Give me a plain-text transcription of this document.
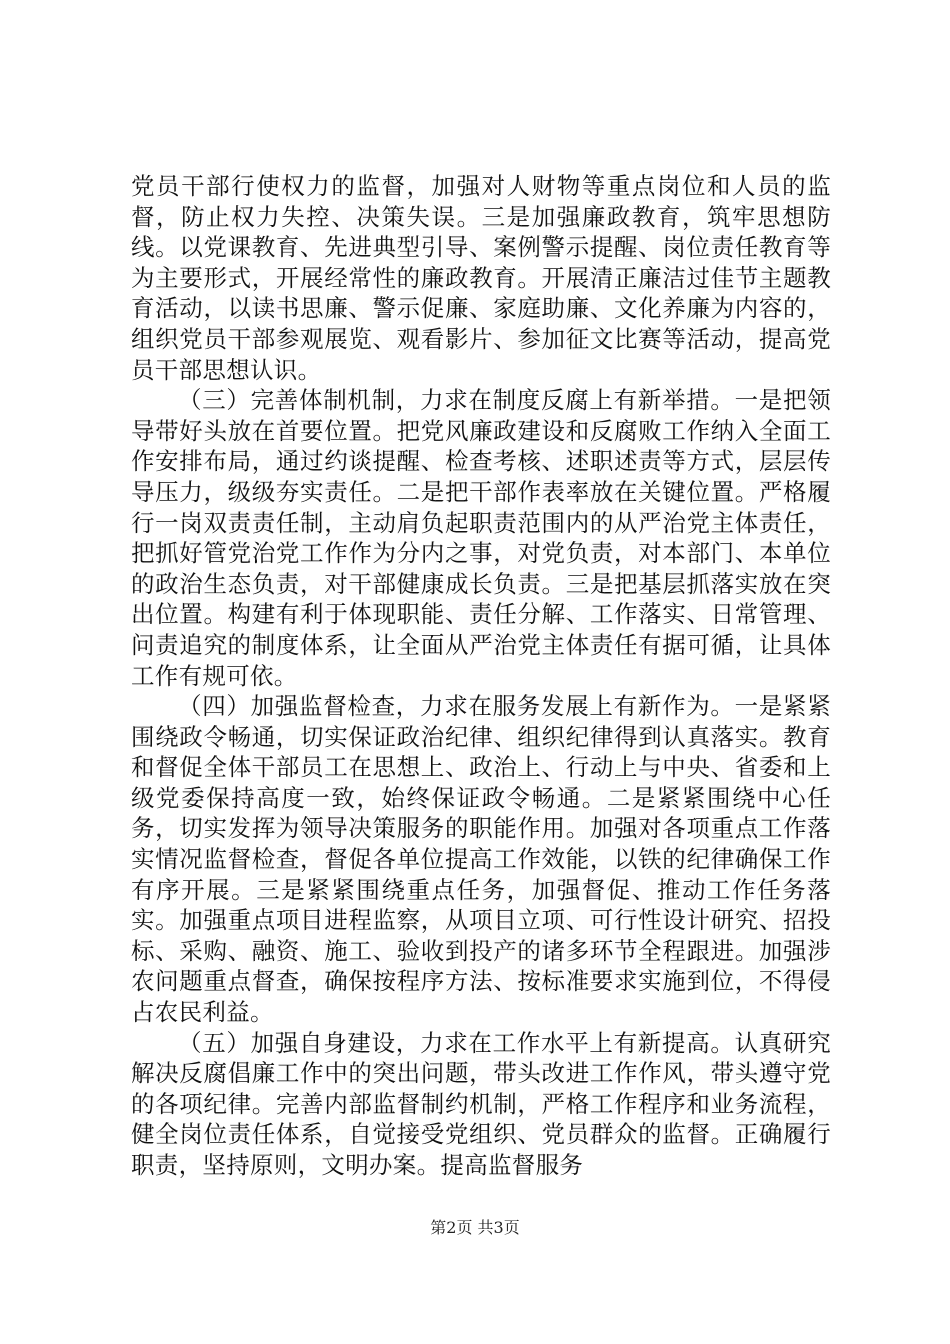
党员干部行使权力的监督，加强对人财物等重点岗位和人员的监督，防止权力失控、决策失误。三是加强廉政教育，筑牢思想防线。以党课教育、先进典型引导、案例警示提醒、岗位责任教育等为主要形式，开展经常性的廉政教育。开展清正廉洁过佳节主题教育活动，以读书思廉、警示促廉、家庭助廉、文化养廉为内容的，组织党员干部参观展览、观看影片、参加征文比赛等活动，提高党员干部思想认识。

（三）完善体制机制，力求在制度反腐上有新举措。一是把领导带好头放在首要位置。把党风廉政建设和反腐败工作纳入全面工作安排布局，通过约谈提醒、检查考核、述职述责等方式，层层传导压力，级级夯实责任。二是把干部作表率放在关键位置。严格履行一岗双责责任制，主动肩负起职责范围内的从严治党主体责任，把抓好管党治党工作作为分内之事，对党负责，对本部门、本单位的政治生态负责，对干部健康成长负责。三是把基层抓落实放在突出位置。构建有利于体现职能、责任分解、工作落实、日常管理、问责追究的制度体系，让全面从严治党主体责任有据可循，让具体工作有规可依。

（四）加强监督检查，力求在服务发展上有新作为。一是紧紧围绕政令畅通，切实保证政治纪律、组织纪律得到认真落实。教育和督促全体干部员工在思想上、政治上、行动上与中央、省委和上级党委保持高度一致，始终保证政令畅通。二是紧紧围绕中心任务，切实发挥为领导决策服务的职能作用。加强对各项重点工作落实情况监督检查，督促各单位提高工作效能，以铁的纪律确保工作有序开展。三是紧紧围绕重点任务，加强督促、推动工作任务落实。加强重点项目进程监察，从项目立项、可行性设计研究、招投标、采购、融资、施工、验收到投产的诸多环节全程跟进。加强涉农问题重点督查，确保按程序方法、按标准要求实施到位，不得侵占农民利益。

（五）加强自身建设，力求在工作水平上有新提高。认真研究解决反腐倡廉工作中的突出问题，带头改进工作作风，带头遵守党的各项纪律。完善内部监督制约机制，严格工作程序和业务流程，健全岗位责任体系，自觉接受党组织、党员群众的监督。正确履行职责，坚持原则，文明办案。提高监督服务

第2页 共3页
